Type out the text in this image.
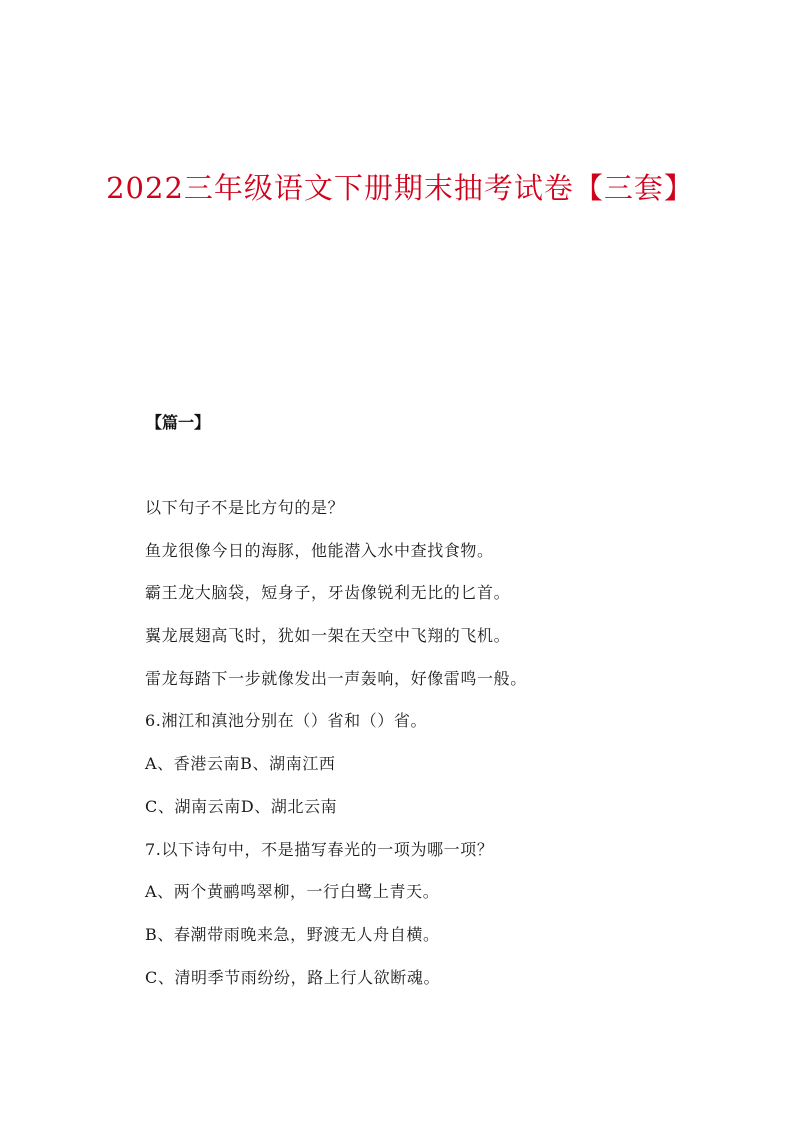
2022三年级语文下册期末抽考试卷【三套】
【篇一】
以下句子不是比方句的是？
鱼龙很像今日的海豚，他能潜入水中查找食物。
霸王龙大脑袋，短身子，牙齿像锐利无比的匕首。
翼龙展翅高飞时，犹如一架在天空中飞翔的飞机。
雷龙每踏下一步就像发出一声轰响，好像雷鸣一般。
6.湘江和滇池分别在（）省和（）省。
A、香港云南B、湖南江西
C、湖南云南D、湖北云南
7.以下诗句中，不是描写春光的一项为哪一项？
A、两个黄鹂鸣翠柳，一行白鹭上青天。
B、春潮带雨晚来急，野渡无人舟自横。
C、清明季节雨纷纷，路上行人欲断魂。
